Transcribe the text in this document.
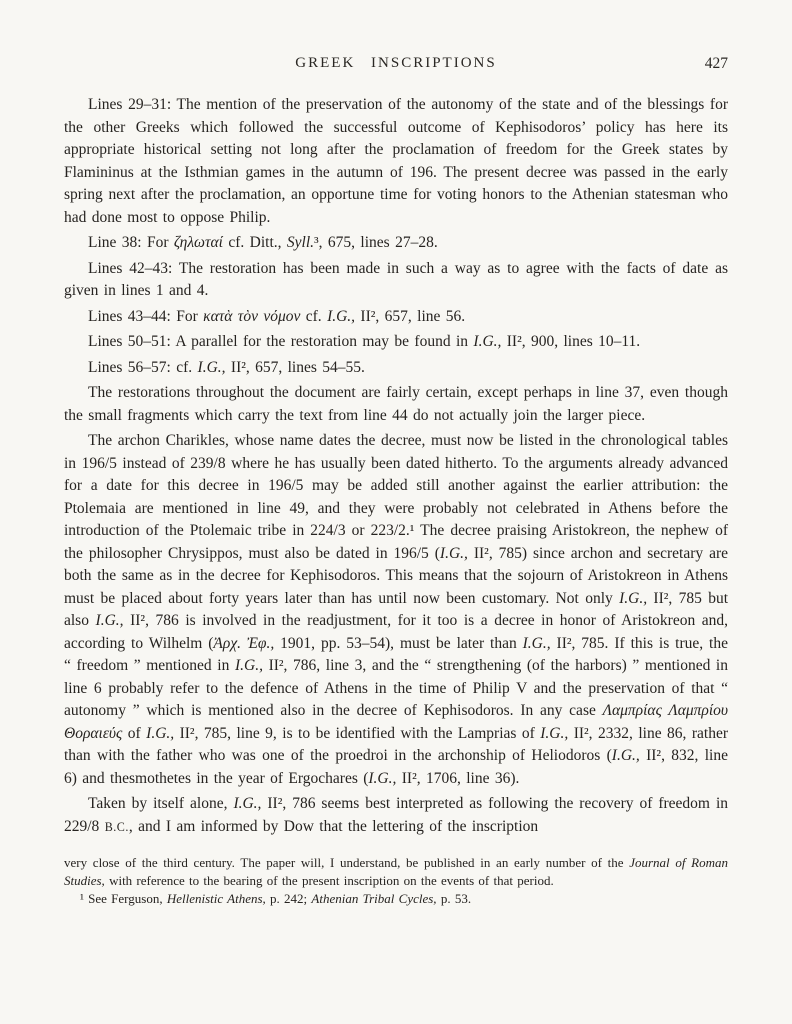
GREEK INSCRIPTIONS	427

Lines 29–31: The mention of the preservation of the autonomy of the state and of the blessings for the other Greeks which followed the successful outcome of Kephisodoros’ policy has here its appropriate historical setting not long after the proclamation of freedom for the Greek states by Flamininus at the Isthmian games in the autumn of 196. The present decree was passed in the early spring next after the proclamation, an opportune time for voting honors to the Athenian statesman who had done most to oppose Philip.

Line 38: For ζηλωταί cf. Ditt., Syll.³, 675, lines 27–28.

Lines 42–43: The restoration has been made in such a way as to agree with the facts of date as given in lines 1 and 4.

Lines 43–44: For κατὰ τὸν νόμον cf. I.G., II², 657, line 56.

Lines 50–51: A parallel for the restoration may be found in I.G., II², 900, lines 10–11.

Lines 56–57: cf. I.G., II², 657, lines 54–55.

The restorations throughout the document are fairly certain, except perhaps in line 37, even though the small fragments which carry the text from line 44 do not actually join the larger piece.

The archon Charikles, whose name dates the decree, must now be listed in the chronological tables in 196/5 instead of 239/8 where he has usually been dated hitherto. To the arguments already advanced for a date for this decree in 196/5 may be added still another against the earlier attribution: the Ptolemaia are mentioned in line 49, and they were probably not celebrated in Athens before the introduction of the Ptolemaic tribe in 224/3 or 223/2.¹ The decree praising Aristokreon, the nephew of the philosopher Chrysippos, must also be dated in 196/5 (I.G., II², 785) since archon and secretary are both the same as in the decree for Kephisodoros. This means that the sojourn of Aristokreon in Athens must be placed about forty years later than has until now been customary. Not only I.G., II², 785 but also I.G., II², 786 is involved in the readjustment, for it too is a decree in honor of Aristokreon and, according to Wilhelm (Ἀρχ. Ἐφ., 1901, pp. 53–54), must be later than I.G., II², 785. If this is true, the “ freedom ” mentioned in I.G., II², 786, line 3, and the “ strengthening (of the harbors) ” mentioned in line 6 probably refer to the defence of Athens in the time of Philip V and the preservation of that “ autonomy ” which is mentioned also in the decree of Kephisodoros. In any case Λαμπρίας Λαμπρίου Θοραιεύς of I.G., II², 785, line 9, is to be identified with the Lamprias of I.G., II², 2332, line 86, rather than with the father who was one of the proedroi in the archonship of Heliodoros (I.G., II², 832, line 6) and thesmothetes in the year of Ergochares (I.G., II², 1706, line 36).

Taken by itself alone, I.G., II², 786 seems best interpreted as following the recovery of freedom in 229/8 B.C., and I am informed by Dow that the lettering of the inscription

very close of the third century. The paper will, I understand, be published in an early number of the Journal of Roman Studies, with reference to the bearing of the present inscription on the events of that period.

¹ See Ferguson, Hellenistic Athens, p. 242; Athenian Tribal Cycles, p. 53.
